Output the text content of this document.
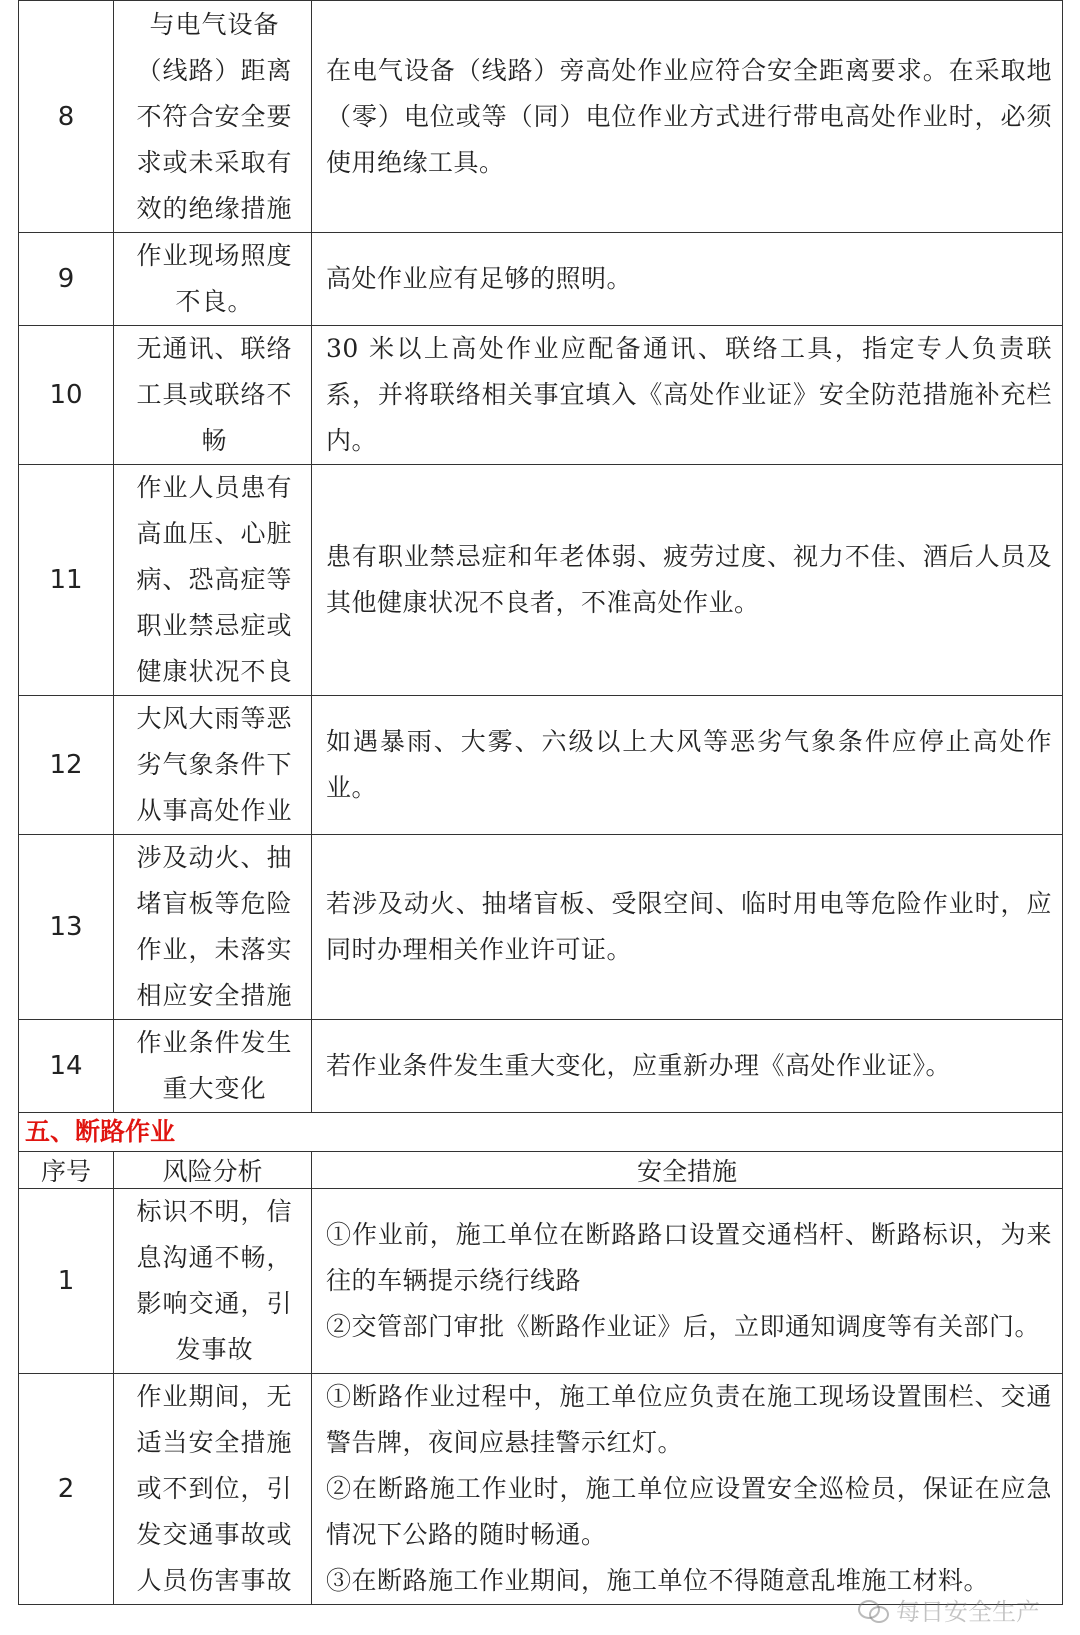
8	与电气设备（线路）距离不符合安全要求或未采取有效的绝缘措施	在电气设备（线路）旁高处作业应符合安全距离要求。在采取地（零）电位或等（同）电位作业方式进行带电高处作业时，必须使用绝缘工具。

9	作业现场照度不良。	高处作业应有足够的照明。

10	无通讯、联络工具或联络不畅	30 米以上高处作业应配备通讯、联络工具，指定专人负责联系，并将联络相关事宜填入《高处作业证》安全防范措施补充栏内。

11	作业人员患有高血压、心脏病、恐高症等职业禁忌症或健康状况不良	患有职业禁忌症和年老体弱、疲劳过度、视力不佳、酒后人员及其他健康状况不良者，不准高处作业。

12	大风大雨等恶劣气象条件下从事高处作业	如遇暴雨、大雾、六级以上大风等恶劣气象条件应停止高处作业。

13	涉及动火、抽堵盲板等危险作业，未落实相应安全措施	若涉及动火、抽堵盲板、受限空间、临时用电等危险作业时，应同时办理相关作业许可证。

14	作业条件发生重大变化	若作业条件发生重大变化，应重新办理《高处作业证》。

五、断路作业		
序号	风险分析	安全措施
1	标识不明，信息沟通不畅，影响交通，引发事故	①作业前，施工单位在断路路口设置交通档杆、断路标识，为来往的车辆提示绕行线路
②交管部门审批《断路作业证》后，立即通知调度等有关部门。

2	作业期间，无适当安全措施或不到位，引发交通事故或人员伤害事故	①断路作业过程中，施工单位应负责在施工现场设置围栏、交通警告牌，夜间应悬挂警示红灯。
②在断路施工作业时，施工单位应设置安全巡检员，保证在应急情况下公路的随时畅通。
③在断路施工作业期间，施工单位不得随意乱堆施工材料。
每日安全生产
